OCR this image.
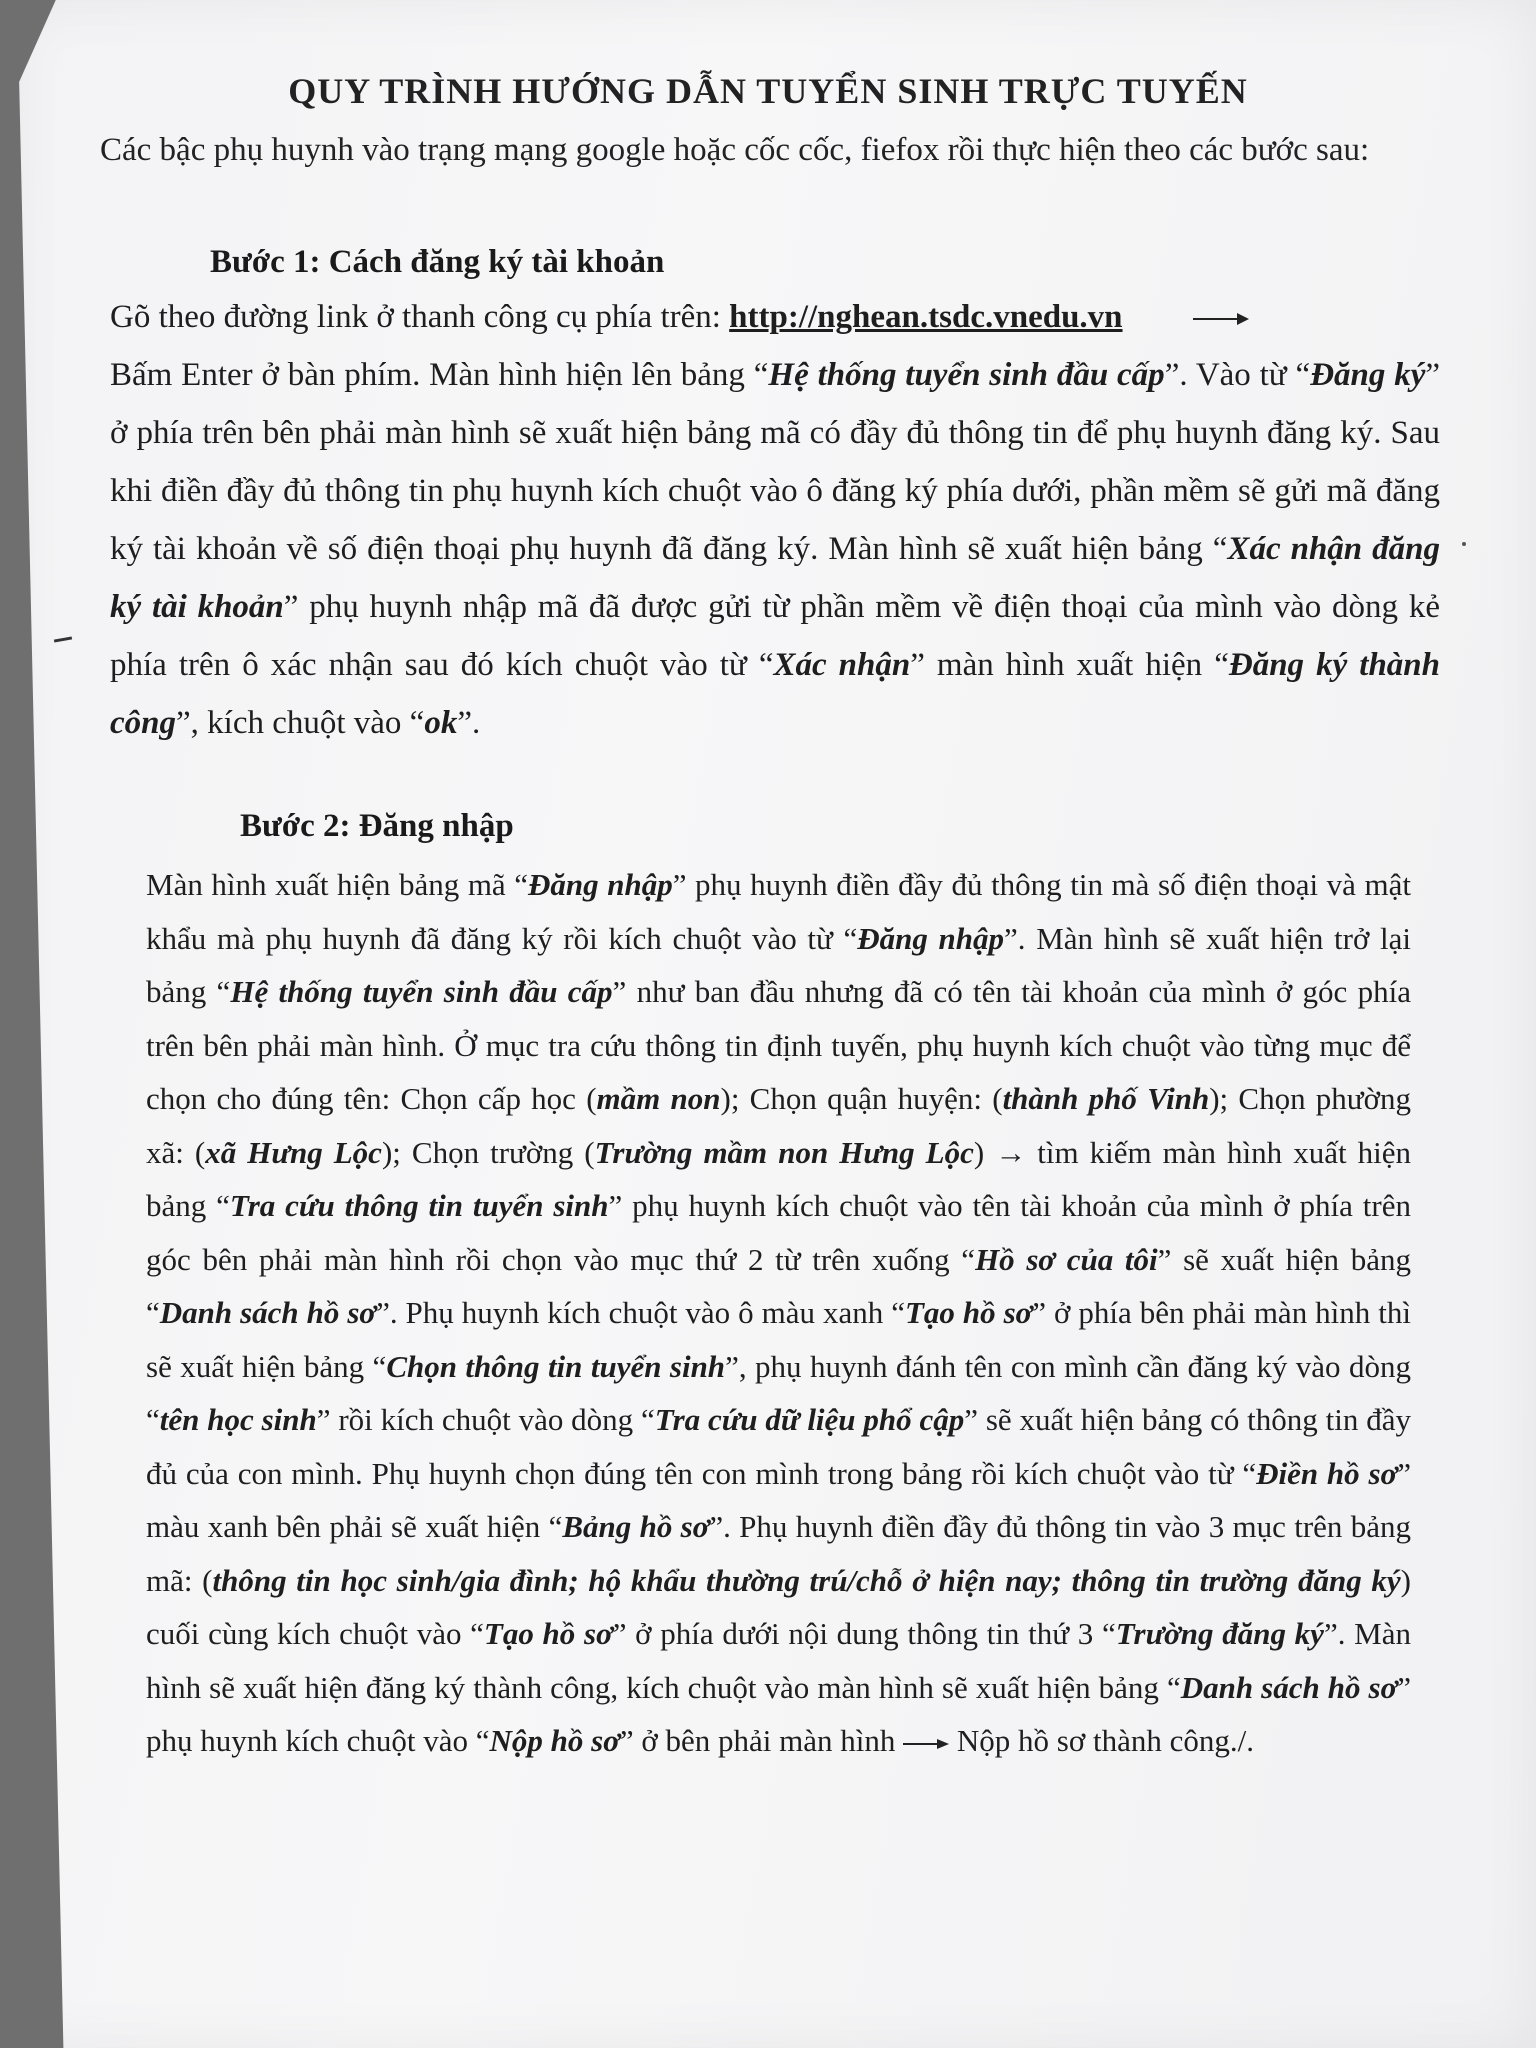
QUY TRÌNH HƯỚNG DẪN TUYỂN SINH TRỰC TUYẾN
Các bậc phụ huynh vào trạng mạng google hoặc cốc cốc, fiefox rồi thực hiện theo các bước sau:
Bước 1: Cách đăng ký tài khoản
Gõ theo đường link ở thanh công cụ phía trên: http://nghean.tsdc.vnedu.vn
Bấm Enter ở bàn phím. Màn hình hiện lên bảng “Hệ thống tuyển sinh đầu cấp”. Vào từ “Đăng ký” ở phía trên bên phải màn hình sẽ xuất hiện bảng mã có đầy đủ thông tin để phụ huynh đăng ký. Sau khi điền đầy đủ thông tin phụ huynh kích chuột vào ô đăng ký phía dưới, phần mềm sẽ gửi mã đăng ký tài khoản về số điện thoại phụ huynh đã đăng ký. Màn hình sẽ xuất hiện bảng “Xác nhận đăng ký tài khoản” phụ huynh nhập mã đã được gửi từ phần mềm về điện thoại của mình vào dòng kẻ phía trên ô xác nhận sau đó kích chuột vào từ “Xác nhận” màn hình xuất hiện “Đăng ký thành công”, kích chuột vào “ok”.
Bước 2: Đăng nhập
Màn hình xuất hiện bảng mã “Đăng nhập” phụ huynh điền đầy đủ thông tin mà số điện thoại và mật khẩu mà phụ huynh đã đăng ký rồi kích chuột vào từ “Đăng nhập”. Màn hình sẽ xuất hiện trở lại bảng “Hệ thống tuyển sinh đầu cấp” như ban đầu nhưng đã có tên tài khoản của mình ở góc phía trên bên phải màn hình. Ở mục tra cứu thông tin định tuyến, phụ huynh kích chuột vào từng mục để chọn cho đúng tên: Chọn cấp học (mầm non); Chọn quận huyện: (thành phố Vinh); Chọn phường xã: (xã Hưng Lộc); Chọn trường (Trường mầm non Hưng Lộc) → tìm kiếm màn hình xuất hiện bảng “Tra cứu thông tin tuyển sinh” phụ huynh kích chuột vào tên tài khoản của mình ở phía trên góc bên phải màn hình rồi chọn vào mục thứ 2 từ trên xuống “Hồ sơ của tôi” sẽ xuất hiện bảng “Danh sách hồ sơ”. Phụ huynh kích chuột vào ô màu xanh “Tạo hồ sơ” ở phía bên phải màn hình thì sẽ xuất hiện bảng “Chọn thông tin tuyển sinh”, phụ huynh đánh tên con mình cần đăng ký vào dòng “tên học sinh” rồi kích chuột vào dòng “Tra cứu dữ liệu phổ cập” sẽ xuất hiện bảng có thông tin đầy đủ của con mình. Phụ huynh chọn đúng tên con mình trong bảng rồi kích chuột vào từ “Điền hồ sơ” màu xanh bên phải sẽ xuất hiện “Bảng hồ sơ”. Phụ huynh điền đầy đủ thông tin vào 3 mục trên bảng mã: (thông tin học sinh/gia đình; hộ khẩu thường trú/chỗ ở hiện nay; thông tin trường đăng ký) cuối cùng kích chuột vào “Tạo hồ sơ” ở phía dưới nội dung thông tin thứ 3 “Trường đăng ký”. Màn hình sẽ xuất hiện đăng ký thành công, kích chuột vào màn hình sẽ xuất hiện bảng “Danh sách hồ sơ” phụ huynh kích chuột vào “Nộp hồ sơ” ở bên phải màn hình  Nộp hồ sơ thành công./.
